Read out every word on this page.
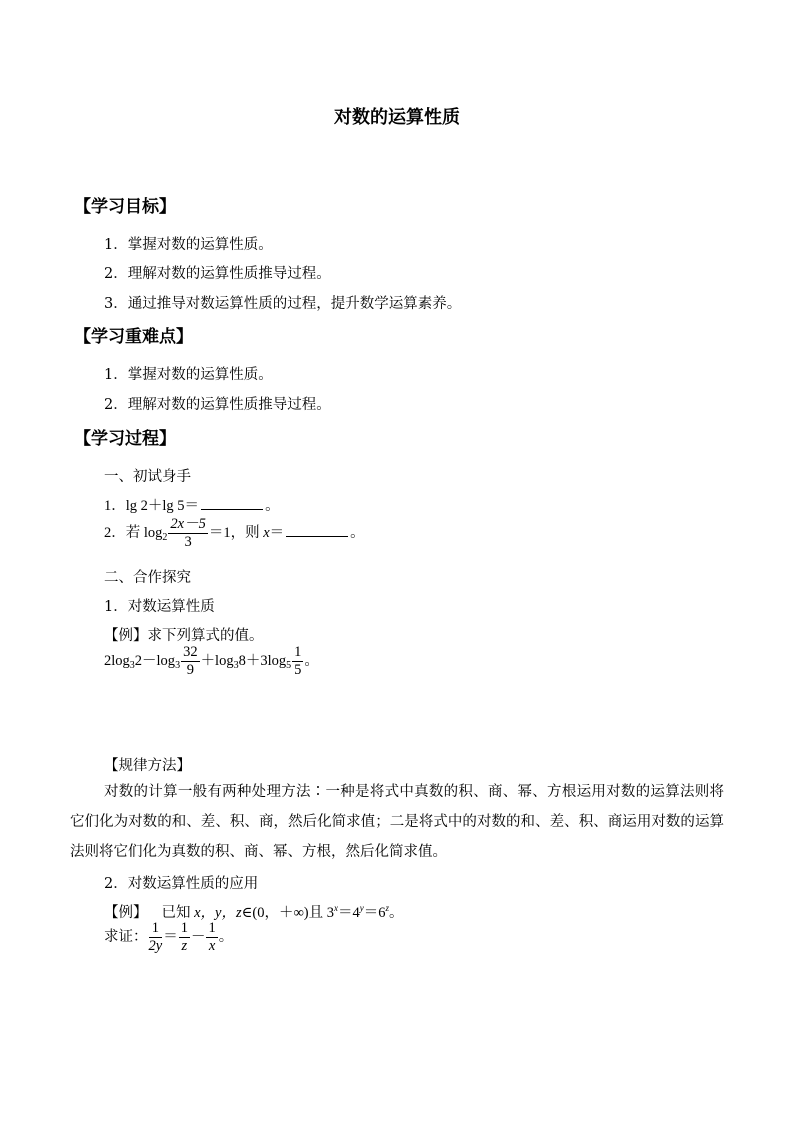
对数的运算性质
【学习目标】
1．掌握对数的运算性质。
2．理解对数的运算性质推导过程。
3．通过推导对数运算性质的过程，提升数学运算素养。
【学习重难点】
1．掌握对数的运算性质。
2．理解对数的运算性质推导过程。
【学习过程】
一、初试身手
1．lg 2＋lg 5＝	。
2．若 $\log_2 \frac{2x-5}{3} =1$，则 x＝	。
二、合作探究
1．对数运算性质
【例】求下列算式的值。
$2\log_32-\log_3 \frac{32}{9} +\log_38+3\log_5 \frac{1}{5}$ 。
【规律方法】
对数的计算一般有两种处理方法∶一种是将式中真数的积、商、幂、方根运用对数的运算法则将它们化为对数的和、差、积、商，然后化简求值；二是将式中的对数的和、差、积、商运用对数的运算法则将它们化为真数的积、商、幂、方根，然后化简求值。
2．对数运算性质的应用
【例】 已知 x，y，z∈(0，＋∞)且 $3^x=4^y=6^z$。
求证： $\frac{1}{2y} = \frac{1}{z} - \frac{1}{x}$ 。
